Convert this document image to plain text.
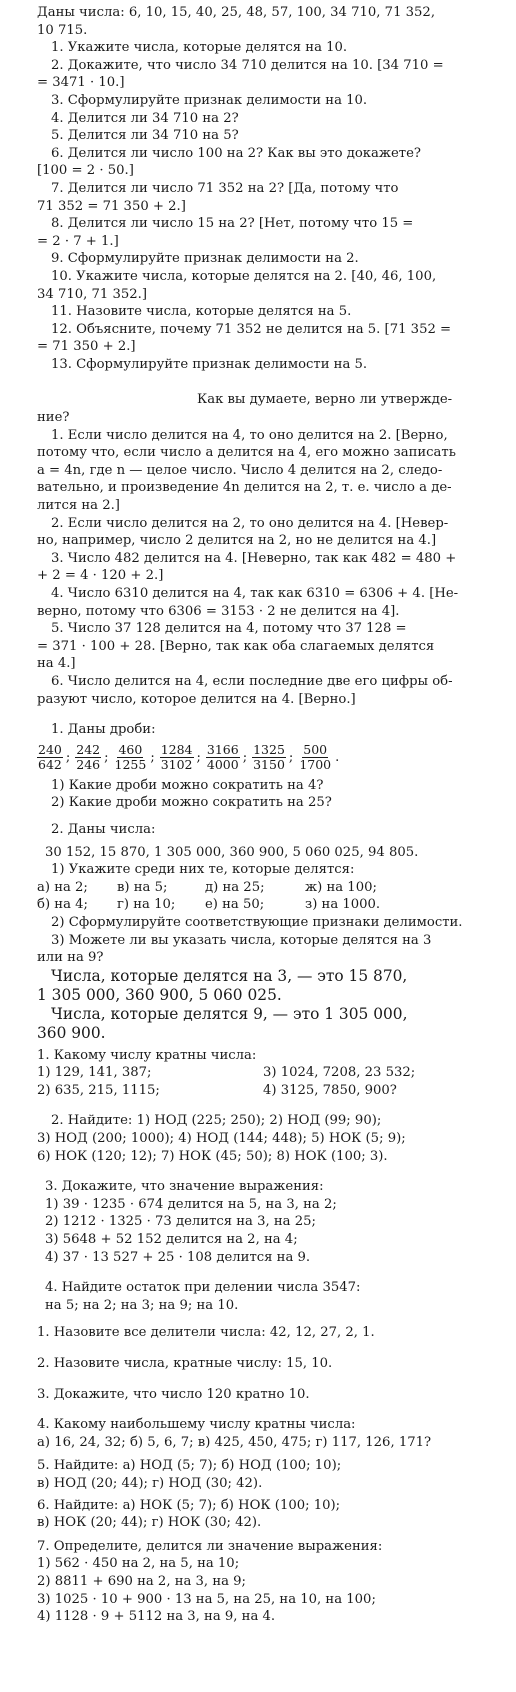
Даны числа: 6, 10, 15, 40, 25, 48, 57, 100, 34 710, 71 352,
10 715.
1. Укажите числа, которые делятся на 10.
2. Докажите, что число 34 710 делится на 10. [34 710 =
= 3471 · 10.]
3. Сформулируйте признак делимости на 10.
4. Делится ли 34 710 на 2?
5. Делится ли 34 710 на 5?
6. Делится ли число 100 на 2? Как вы это докажете?
[100 = 2 · 50.]
7. Делится ли число 71 352 на 2? [Да, потому что
71 352 = 71 350 + 2.]
8. Делится ли число 15 на 2? [Нет, потому что 15 =
= 2 · 7 + 1.]
9. Сформулируйте признак делимости на 2.
10. Укажите числа, которые делятся на 2. [40, 46, 100,
34 710, 71 352.]
11. Назовите числа, которые делятся на 5.
12. Объясните, почему 71 352 не делится на 5. [71 352 =
= 71 350 + 2.]
13. Сформулируйте признак делимости на 5.
Как вы думаете, верно ли утвержде-
ние?
1. Если число делится на 4, то оно делится на 2. [Верно,
потому что, если число a делится на 4, его можно записать
a = 4n, где n — целое число. Число 4 делится на 2, следо-
вательно, и произведение 4n делится на 2, т. е. число a де-
лится на 2.]
2. Если число делится на 2, то оно делится на 4. [Невер-
но, например, число 2 делится на 2, но не делится на 4.]
3. Число 482 делится на 4. [Неверно, так как 482 = 480 +
+ 2 = 4 · 120 + 2.]
4. Число 6310 делится на 4, так как 6310 = 6306 + 4. [Не-
верно, потому что 6306 = 3153 · 2 не делится на 4].
5. Число 37 128 делится на 4, потому что 37 128 =
= 371 · 100 + 28. [Верно, так как оба слагаемых делятся
на 4.]
6. Число делится на 4, если последние две его цифры об-
разуют число, которое делится на 4. [Верно.]
1. Даны дроби:
$\frac{240}{642}$ ; $\frac{242}{246}$ ; $\frac{460}{1255}$ ; $\frac{1284}{3102}$ ; $\frac{3166}{4000}$ ; $\frac{1325}{3150}$ ; $\frac{500}{1700}$ .
1) Какие дроби можно сократить на 4?
2) Какие дроби можно сократить на 25?
2. Даны числа:
30 152, 15 870, 1 305 000, 360 900, 5 060 025, 94 805.
1) Укажите среди них те, которые делятся:
а) на 2;	в) на 5;	д) на 25;	ж) на 100;
б) на 4;	г) на 10;	е) на 50;	з) на 1000.
2) Сформулируйте соответствующие признаки делимости.
3) Можете ли вы указать числа, которые делятся на 3
или на 9?
Числа, которые делятся на 3, — это 15 870,
1 305 000, 360 900, 5 060 025.
Числа, которые делятся 9, — это 1 305 000,
360 900.
1. Какому числу кратны числа:
1) 129, 141, 387;	3) 1024, 7208, 23 532;
2) 635, 215, 1115;	4) 3125, 7850, 900?
2. Найдите: 1) НОД (225; 250); 2) НОД (99; 90);
3) НОД (200; 1000); 4) НОД (144; 448); 5) НОК (5; 9);
6) НОК (120; 12); 7) НОК (45; 50); 8) НОК (100; 3).
3. Докажите, что значение выражения:
1) 39 · 1235 · 674 делится на 5, на 3, на 2;
2) 1212 · 1325 · 73 делится на 3, на 25;
3) 5648 + 52 152 делится на 2, на 4;
4) 37 · 13 527 + 25 · 108 делится на 9.
4. Найдите остаток при делении числа 3547:
на 5; на 2; на 3; на 9; на 10.
1. Назовите все делители числа: 42, 12, 27, 2, 1.
2. Назовите числа, кратные числу: 15, 10.
3. Докажите, что число 120 кратно 10.
4. Какому наибольшему числу кратны числа:
а) 16, 24, 32; б) 5, 6, 7; в) 425, 450, 475; г) 117, 126, 171?
5. Найдите: а) НОД (5; 7); б) НОД (100; 10);
в) НОД (20; 44); г) НОД (30; 42).
6. Найдите: а) НОК (5; 7); б) НОК (100; 10);
в) НОК (20; 44); г) НОК (30; 42).
7. Определите, делится ли значение выражения:
1) 562 · 450 на 2, на 5, на 10;
2) 8811 + 690 на 2, на 3, на 9;
3) 1025 · 10 + 900 · 13 на 5, на 25, на 10, на 100;
4) 1128 · 9 + 5112 на 3, на 9, на 4.
